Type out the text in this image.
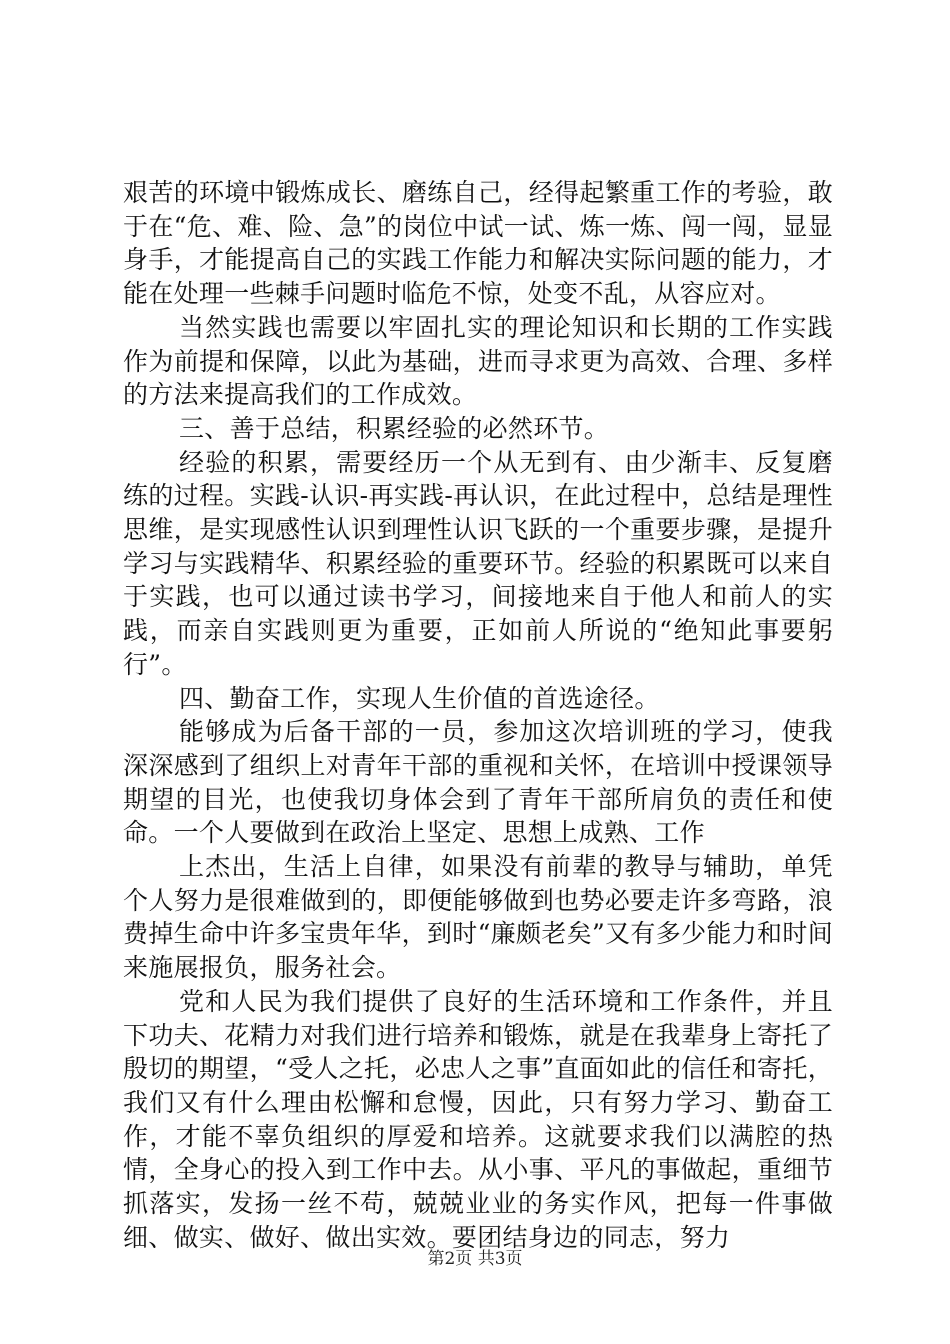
艰苦的环境中锻炼成长、磨练自己，经得起繁重工作的考验，敢于在“危、难、险、急”的岗位中试一试、炼一炼、闯一闯，显显身手，才能提高自己的实践工作能力和解决实际问题的能力，才能在处理一些棘手问题时临危不惊，处变不乱，从容应对。

当然实践也需要以牢固扎实的理论知识和长期的工作实践作为前提和保障，以此为基础，进而寻求更为高效、合理、多样的方法来提高我们的工作成效。

三、善于总结，积累经验的必然环节。

经验的积累，需要经历一个从无到有、由少渐丰、反复磨练的过程。实践-认识-再实践-再认识，在此过程中，总结是理性思维，是实现感性认识到理性认识飞跃的一个重要步骤，是提升学习与实践精华、积累经验的重要环节。经验的积累既可以来自于实践，也可以通过读书学习，间接地来自于他人和前人的实践，而亲自实践则更为重要，正如前人所说的“绝知此事要躬行”。

四、勤奋工作，实现人生价值的首选途径。

能够成为后备干部的一员，参加这次培训班的学习，使我深深感到了组织上对青年干部的重视和关怀，在培训中授课领导期望的目光，也使我切身体会到了青年干部所肩负的责任和使命。一个人要做到在政治上坚定、思想上成熟、工作

上杰出，生活上自律，如果没有前辈的教导与辅助，单凭个人努力是很难做到的，即便能够做到也势必要走许多弯路，浪费掉生命中许多宝贵年华，到时“廉颇老矣”又有多少能力和时间来施展报负，服务社会。

党和人民为我们提供了良好的生活环境和工作条件，并且下功夫、花精力对我们进行培养和锻炼，就是在我辈身上寄托了殷切的期望，“受人之托，必忠人之事”直面如此的信任和寄托，我们又有什么理由松懈和怠慢，因此，只有努力学习、勤奋工作，才能不辜负组织的厚爱和培养。这就要求我们以满腔的热情，全身心的投入到工作中去。从小事、平凡的事做起，重细节抓落实，发扬一丝不苟，兢兢业业的务实作风，把每一件事做细、做实、做好、做出实效。要团结身边的同志，努力

第2页 共3页
